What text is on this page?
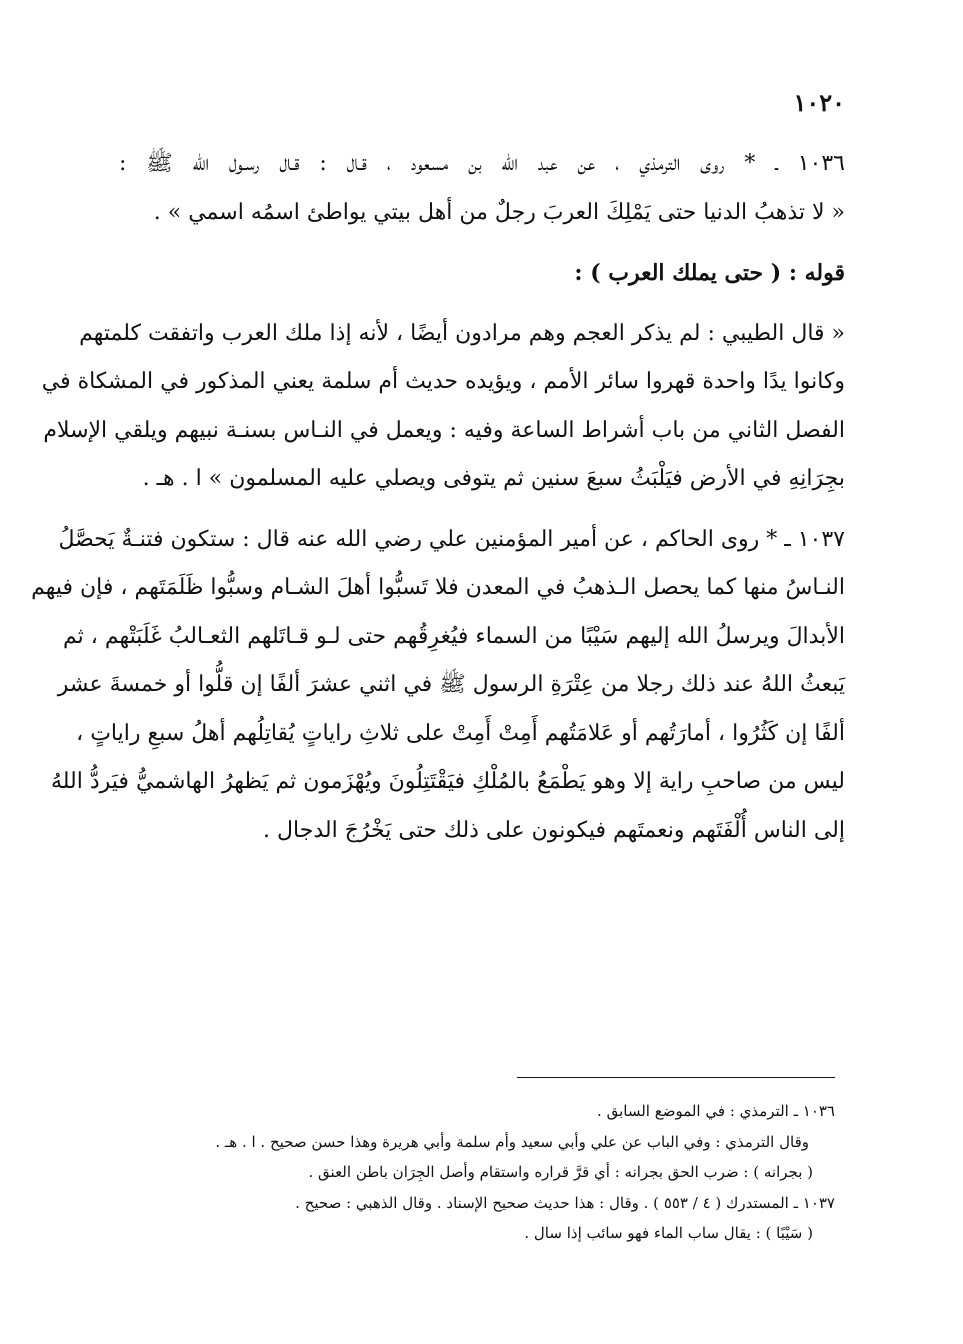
١٠٢٠
١٠٣٦ ـ * روى الترمذي ، عن عبد الله بن مسعود ، قـال : قـال رسـول الله ﷺ :
« لا تذهبُ الدنيا حتى يَمْلِكَ العربَ رجلٌ من أهل بيتي يواطئ اسمُه اسمي » .
قوله : ( حتى يملك العرب ) :
« قال الطيبي : لم يذكر العجم وهم مرادون أيضًا ، لأنه إذا ملك العرب واتفقت كلمتهم
وكانوا يدًا واحدة قهروا سائر الأمم ، ويؤيده حديث أم سلمة يعني المذكور في المشكاة في
الفصل الثاني من باب أشراط الساعة وفيه : ويعمل في النـاس بسنـة نبيهم ويلقي الإسلام
بجِرَانِهِ في الأرض فيَلْبَثُ سبعَ سنين ثم يتوفى ويصلي عليه المسلمون » ا . هـ .
١٠٣٧ ـ * روى الحاكم ، عن أمير المؤمنين علي رضي الله عنه قال : ستكون فتنـةٌ يَحصَّلُ
النـاسُ منها كما يحصل الـذهبُ في المعدن فلا تَسبُّوا أهلَ الشـام وسبُّوا ظَلَمَتَهم ، فإن فيهم
الأبدالَ ويرسلُ الله إليهم سَيْبًا من السماء فيُغرِقُهم حتى لـو قـاتَلهم الثعـالبُ غَلَبَتْهم ، ثم
يَبعثُ اللهُ عند ذلك رجلا من عِتْرَةِ الرسول ﷺ في اثني عشرَ ألفًا إن قلُّوا أو خمسةَ عشر
ألفًا إن كَثُرُوا ، أمارَتُهم أو عَلامَتُهم أَمِتْ أَمِتْ على ثلاثِ راياتٍ يُقاتِلُهم أهلُ سبعِ راياتٍ ،
ليس من صاحبِ راية إلا وهو يَطْمَعُ بالمُلْكِ فيَقْتَتِلُونَ ويُهْزَمون ثم يَظهرُ الهاشميُّ فيَردُّ اللهُ
إلى الناس أُلْفَتَهم ونعمتَهم فيكونون على ذلك حتى يَخْرُجَ الدجال .
١٠٣٦ ـ الترمذي : في الموضع السابق .
وقال الترمذي : وفي الباب عن علي وأبي سعيد وأم سلمة وأبي هريرة وهذا حسن صحيح . ا . هـ .
( بجرانه ) : ضرب الحق بجرانه : أي قرَّ قراره واستقام وأصل الجِرَان باطن العنق .
١٠٣٧ ـ المستدرك ( ٤ / ٥٥٣ ) . وقال : هذا حديث صحيح الإسناد . وقال الذهبي : صحيح .
( سَيْبًا ) : يقال ساب الماء فهو سائب إذا سال .
